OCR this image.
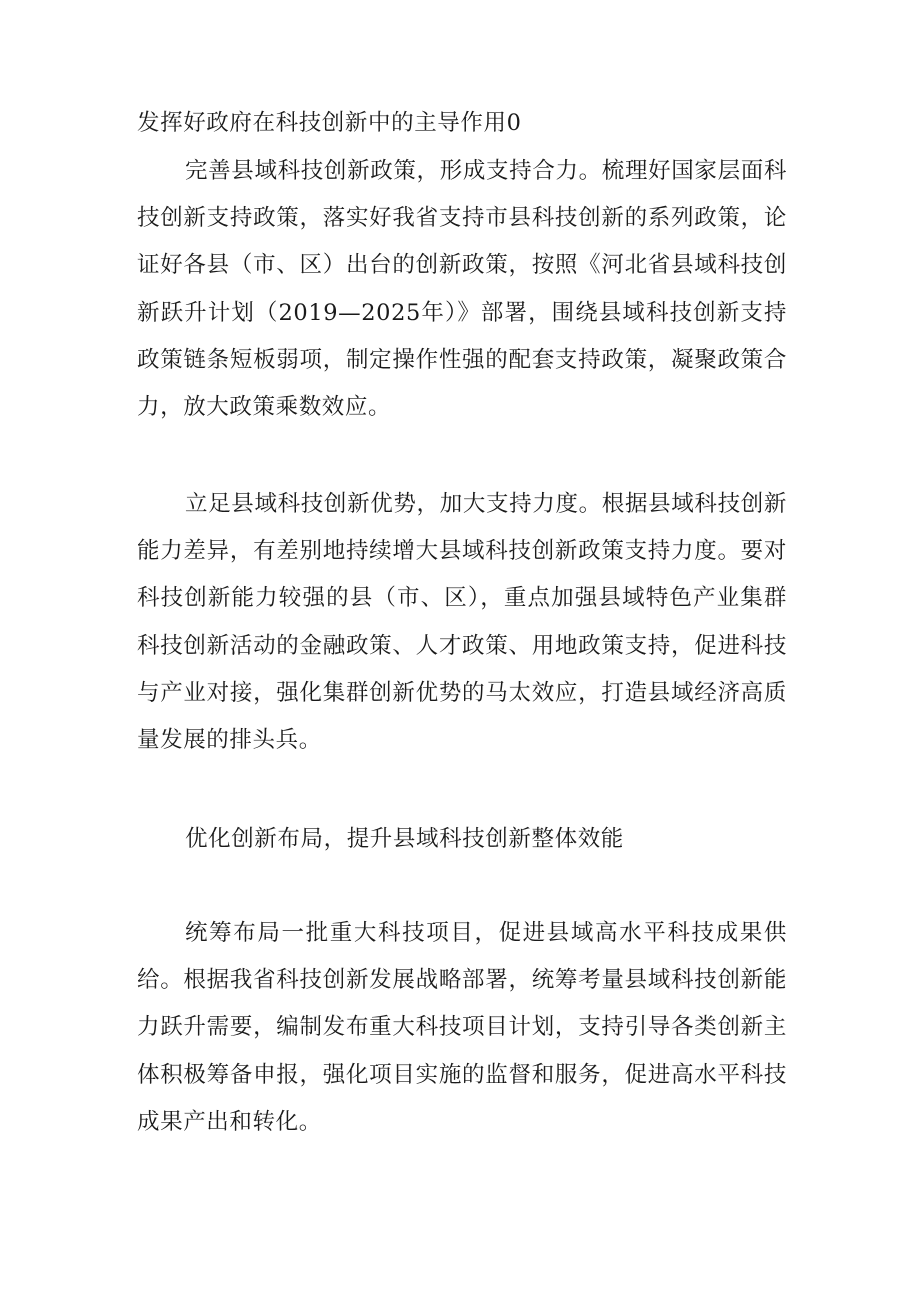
发挥好政府在科技创新中的主导作用0

完善县域科技创新政策，形成支持合力。梳理好国家层面科技创新支持政策，落实好我省支持市县科技创新的系列政策，论证好各县（市、区）出台的创新政策，按照《河北省县域科技创新跃升计划（2019—2025年）》部署，围绕县域科技创新支持政策链条短板弱项，制定操作性强的配套支持政策，凝聚政策合力，放大政策乘数效应。

立足县域科技创新优势，加大支持力度。根据县域科技创新能力差异，有差别地持续增大县域科技创新政策支持力度。要对科技创新能力较强的县（市、区），重点加强县域特色产业集群科技创新活动的金融政策、人才政策、用地政策支持，促进科技与产业对接，强化集群创新优势的马太效应，打造县域经济高质量发展的排头兵。

优化创新布局，提升县域科技创新整体效能

统筹布局一批重大科技项目，促进县域高水平科技成果供给。根据我省科技创新发展战略部署，统筹考量县域科技创新能力跃升需要，编制发布重大科技项目计划，支持引导各类创新主体积极筹备申报，强化项目实施的监督和服务，促进高水平科技成果产出和转化。
